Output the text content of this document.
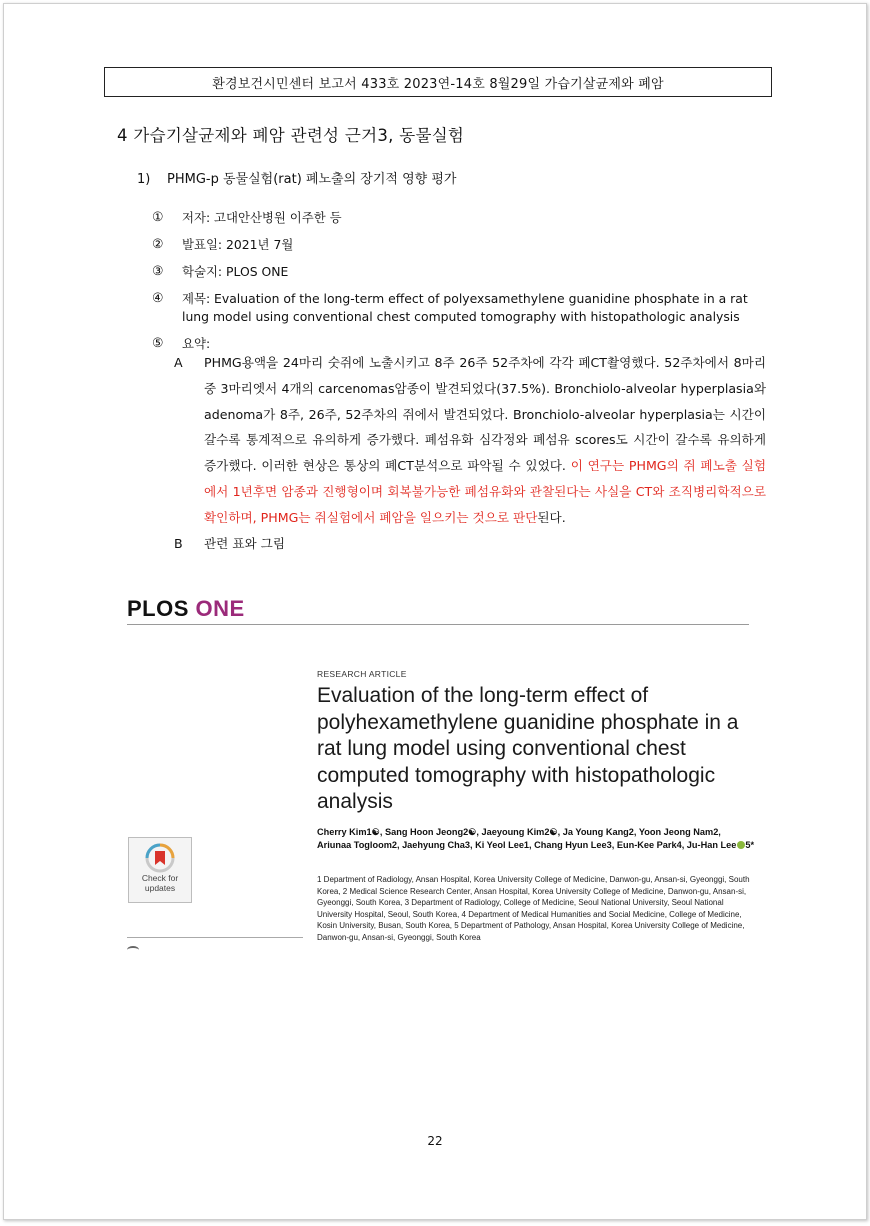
환경보건시민센터 보고서 433호 2023연-14호 8월29일 가습기살균제와 폐암
4 가습기살균제와 폐암 관련성 근거3, 동물실험
1) PHMG-p 동물실험(rat) 폐노출의 장기적 영향 평가
①	저자: 고대안산병원 이주한 등
②	발표일: 2021년 7월
③	학술지: PLOS ONE
④	제목: Evaluation of the long-term effect of polyexsamethylene guanidine phosphate in a rat lung model using conventional chest computed tomography with histopathologic analysis
⑤	요약:
A	PHMG용액을 24마리 숫쥐에 노출시키고 8주 26주 52주차에 각각 폐CT촬영했다. 52주차에서 8마리중 3마리엣서 4개의 carcenomas암종이 발견되었다(37.5%). Bronchiolo-alveolar hyperplasia와 adenoma가 8주, 26주, 52주차의 쥐에서 발견되었다. Bronchiolo-alveolar hyperplasia는 시간이 갈수록 통계적으로 유의하게 증가했다. 폐섬유화 심각정와 폐섬유 scores도 시간이 갈수록 유의하게 증가했다. 이러한 현상은 통상의 폐CT분석으로 파악될 수 있었다. 이 연구는 PHMG의 쥐 폐노출 실험에서 1년후면 암종과 진행형이며 회복불가능한 폐섬유화와 관찰된다는 사실을 CT와 조직병리학적으로 확인하며, PHMG는 쥐실험에서 폐암을 일으키는 것으로 판단된다.
B	관련 표와 그림
PLOS ONE
RESEARCH ARTICLE
Evaluation of the long-term effect of polyhexamethylene guanidine phosphate in a rat lung model using conventional chest computed tomography with histopathologic analysis
Cherry Kim1☯, Sang Hoon Jeong2☯, Jaeyoung Kim2☯, Ja Young Kang2, Yoon Jeong Nam2, Ariunaa Togloom2, Jaehyung Cha3, Ki Yeol Lee1, Chang Hyun Lee3, Eun-Kee Park4, Ju-Han Lee 5*
1 Department of Radiology, Ansan Hospital, Korea University College of Medicine, Danwon-gu, Ansan-si, Gyeonggi, South Korea, 2 Medical Science Research Center, Ansan Hospital, Korea University College of Medicine, Danwon-gu, Ansan-si, Gyeonggi, South Korea, 3 Department of Radiology, College of Medicine, Seoul National University, Seoul National University Hospital, Seoul, South Korea, 4 Department of Medical Humanities and Social Medicine, College of Medicine, Kosin University, Busan, South Korea, 5 Department of Pathology, Ansan Hospital, Korea University College of Medicine, Danwon-gu, Ansan-si, Gyeonggi, South Korea
Check for updates
22
